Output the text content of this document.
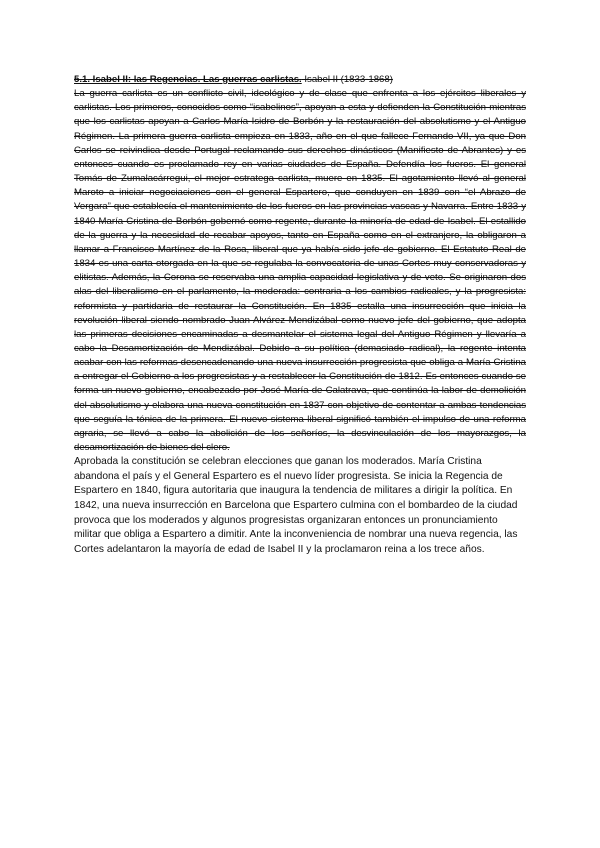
5.1. Isabel II: las Regencias. Las guerras carlistas. Isabel II (1833-1868)
La guerra carlista es un conflicto civil, ideológico y de clase que enfrenta a los ejércitos liberales y carlistas. Los primeros, conocidos como “isabelinos”, apoyan a esta y defienden la Constitución mientras que los carlistas apoyan a Carlos María Isidro de Borbón y la restauración del absolutismo y el Antiguo Régimen. La primera guerra carlista empieza en 1833, año en el que fallece Fernando VII, ya que Don Carlos se reivindica desde Portugal reclamando sus derechos dinásticos (Manifiesto de Abrantes) y es entonces cuando es proclamado rey en varias ciudades de España. Defendía los fueros. El general Tomás de Zumalacárregui, el mejor estratega carlista, muere en 1835. El agotamiento llevó al general Maroto a iniciar negociaciones con el general Espartero, que conduyen en 1839 con “el Abrazo de Vergara” que establecía el mantenimiento de los fueros en las provincias vascas y Navarra. Entre 1833 y 1840 María Cristina de Borbón gobernó como regente, durante la minoría de edad de Isabel. El estallido de la guerra y la necesidad de recabar apoyos, tanto en España como en el extranjero, la obligaron a llamar a Francisco Martínez de la Rosa, liberal que ya había sido jefe de gobierno. El Estatuto Real de 1834 es una carta otorgada en la que se regulaba la convocatoria de unas Cortes muy conservadoras y elitistas. Además, la Corona se reservaba una amplia capacidad legislativa y de veto. Se originaron dos alas del liberalismo en el parlamento, la moderada: contraria a los cambios radicales, y la progresista: reformista y partidaria de restaurar la Constitución. En 1835 estalla una insurrección que inicia la revolución liberal siendo nombrado Juan Alvárez Mendizábal como nuevo jefe del gobierno, que adopta las primeras decisiones encaminadas a desmantelar el sistema legal del Antiguo Régimen y llevaría a cabo la Desamortización de Mendizábal. Debido a su política (demasiado radical), la regente intenta acabar con las reformas desencadenando una nueva insurrección progresista que obliga a María Cristina a entregar el Gobierno a los progresistas y a restablecer la Constitución de 1812. Es entonces cuando se forma un nuevo gobierno, encabezado por José María de Calatrava, que continúa la labor de demolición del absolutismo y elabora una nueva constitución en 1837 con objetivo de contentar a ambas tendencias que seguía la tónica de la primera. El nuevo sistema liberal significó también el impulso de una reforma agraria, se llevó a cabo la abolición de los señoríos, la desvinculación de los mayorazgos, la desamortización de bienes del clero.
Aprobada la constitución se celebran elecciones que ganan los moderados. María Cristina abandona el país y el General Espartero es el nuevo líder progresista. Se inicia la Regencia de Espartero en 1840, figura autoritaria que inaugura la tendencia de militares a dirigir la política. En 1842, una nueva insurrección en Barcelona que Espartero culmina con el bombardeo de la ciudad provoca que los moderados y algunos progresistas organizaran entonces un pronunciamiento militar que obliga a Espartero a dimitir. Ante la inconveniencia de nombrar una nueva regencia, las Cortes adelantaron la mayoría de edad de Isabel II y la proclamaron reina a los trece años.
